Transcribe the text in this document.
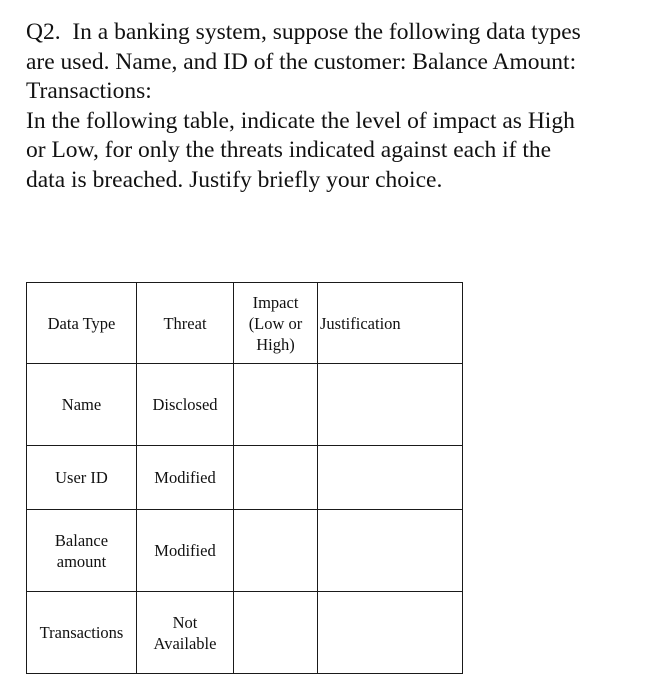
Q2.  In a banking system, suppose the following data types

are used. Name, and ID of the customer: Balance Amount:

Transactions:

In the following table, indicate the level of impact as High

or Low, for only the threats indicated against each if the

data is breached. Justify briefly your choice.

Data Type	Threat	Impact
(Low or
High)	Justification

Name	Disclosed		

User ID	Modified		

Balance
amount	Modified		

Transactions	Not
Available		
